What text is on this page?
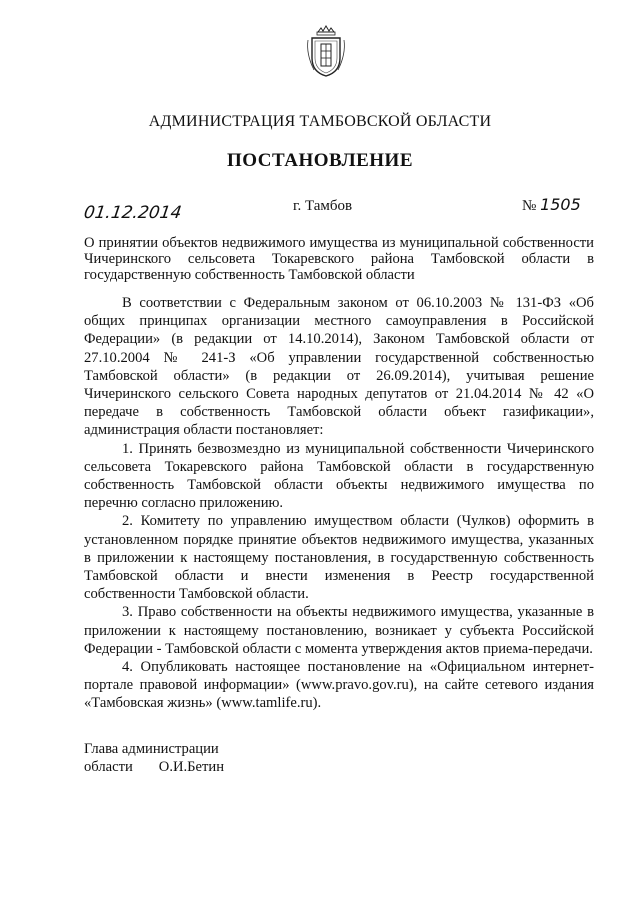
АДМИНИСТРАЦИЯ ТАМБОВСКОЙ ОБЛАСТИ
ПОСТАНОВЛЕНИЕ
01.12.2014	г. Тамбов	№ 1505
О принятии объектов недвижимого имущества из муниципальной собственности Чичеринского сельсовета Токаревского района Тамбовской области в государственную собственность Тамбовской области

В соответствии с Федеральным законом от 06.10.2003 № 131-ФЗ «Об общих принципах организации местного самоуправления в Российской Федерации» (в редакции от 14.10.2014), Законом Тамбовской области от 27.10.2004 № 241-З «Об управлении государственной собственностью Тамбовской области» (в редакции от 26.09.2014), учитывая решение Чичеринского сельского Совета народных депутатов от 21.04.2014 № 42 «О передаче в собственность Тамбовской области объект газификации», администрация области постановляет:

1. Принять безвозмездно из муниципальной собственности Чичеринского сельсовета Токаревского района Тамбовской области в государственную собственность Тамбовской области объекты недвижимого имущества по перечню согласно приложению.

2. Комитету по управлению имуществом области (Чулков) оформить в установленном порядке принятие объектов недвижимого имущества, указанных в приложении к настоящему постановления, в государственную собственность Тамбовской области и внести изменения в Реестр государственной собственности Тамбовской области.

3. Право собственности на объекты недвижимого имущества, указанные в приложении к настоящему постановлению, возникает у субъекта Российской Федерации - Тамбовской области с момента утверждения актов приема-передачи.

4. Опубликовать настоящее постановление на «Официальном интернет-портале правовой информации» (www.pravo.gov.ru), на сайте сетевого издания «Тамбовская жизнь» (www.tamlife.ru).

Глава администрации
области О.И.Бетин
